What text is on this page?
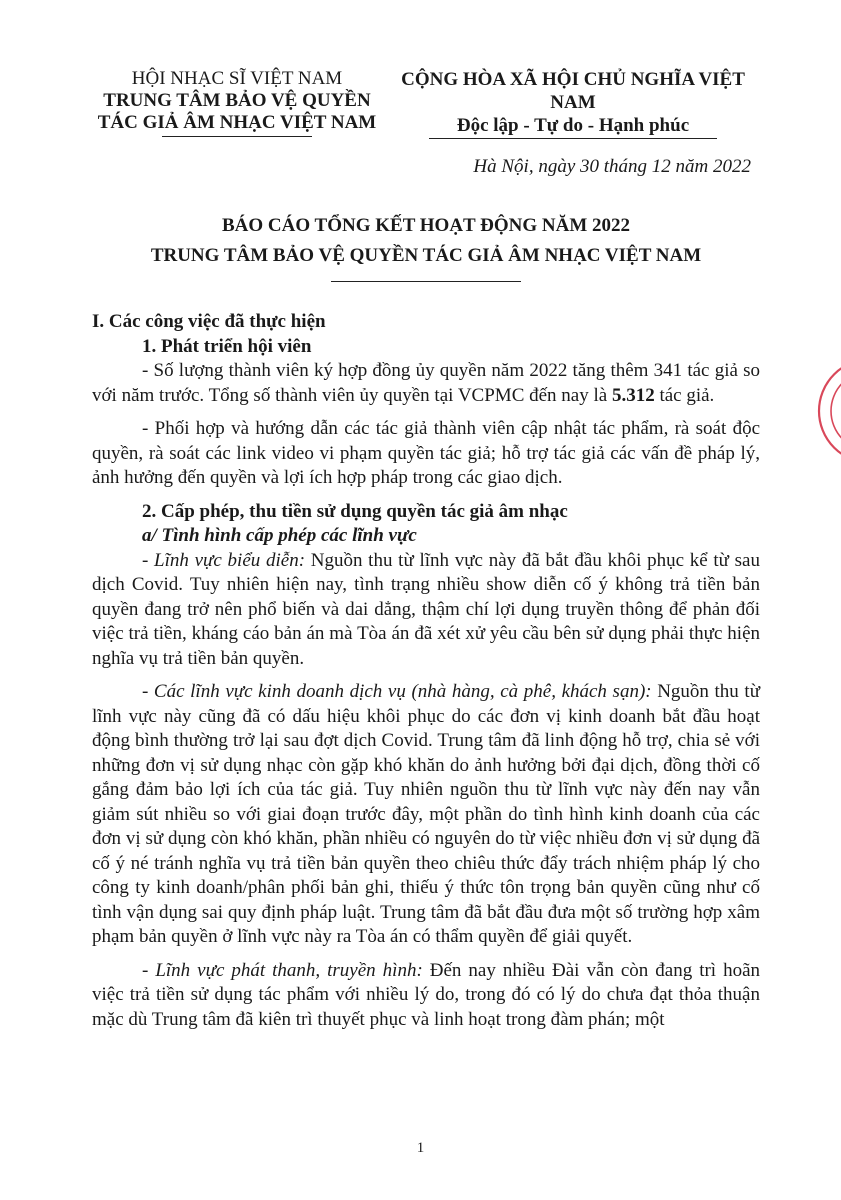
HỘI NHẠC SĨ VIỆT NAM
TRUNG TÂM BẢO VỆ QUYỀN
TÁC GIẢ ÂM NHẠC VIỆT NAM
CỘNG HÒA XÃ HỘI CHỦ NGHĨA VIỆT NAM
Độc lập - Tự do - Hạnh phúc
Hà Nội, ngày 30 tháng 12 năm 2022
BÁO CÁO TỔNG KẾT HOẠT ĐỘNG NĂM 2022
TRUNG TÂM BẢO VỆ QUYỀN TÁC GIẢ ÂM NHẠC VIỆT NAM

I. Các công việc đã thực hiện

1. Phát triển hội viên

- Số lượng thành viên ký hợp đồng ủy quyền năm 2022 tăng thêm 341 tác giả so với năm trước. Tổng số thành viên ủy quyền tại VCPMC đến nay là 5.312 tác giả.

- Phối hợp và hướng dẫn các tác giả thành viên cập nhật tác phẩm, rà soát độc quyền, rà soát các link video vi phạm quyền tác giả; hỗ trợ tác giả các vấn đề pháp lý, ảnh hưởng đến quyền và lợi ích hợp pháp trong các giao dịch.

2. Cấp phép, thu tiền sử dụng quyền tác giả âm nhạc

a/ Tình hình cấp phép các lĩnh vực

- Lĩnh vực biểu diễn: Nguồn thu từ lĩnh vực này đã bắt đầu khôi phục kể từ sau dịch Covid. Tuy nhiên hiện nay, tình trạng nhiều show diễn cố ý không trả tiền bản quyền đang trở nên phổ biến và dai dẳng, thậm chí lợi dụng truyền thông để phản đối việc trả tiền, kháng cáo bản án mà Tòa án đã xét xử yêu cầu bên sử dụng phải thực hiện nghĩa vụ trả tiền bản quyền.

- Các lĩnh vực kinh doanh dịch vụ (nhà hàng, cà phê, khách sạn): Nguồn thu từ lĩnh vực này cũng đã có dấu hiệu khôi phục do các đơn vị kinh doanh bắt đầu hoạt động bình thường trở lại sau đợt dịch Covid. Trung tâm đã linh động hỗ trợ, chia sẻ với những đơn vị sử dụng nhạc còn gặp khó khăn do ảnh hưởng bởi đại dịch, đồng thời cố gắng đảm bảo lợi ích của tác giả. Tuy nhiên nguồn thu từ lĩnh vực này đến nay vẫn giảm sút nhiều so với giai đoạn trước đây, một phần do tình hình kinh doanh của các đơn vị sử dụng còn khó khăn, phần nhiều có nguyên do từ việc nhiều đơn vị sử dụng đã cố ý né tránh nghĩa vụ trả tiền bản quyền theo chiêu thức đẩy trách nhiệm pháp lý cho công ty kinh doanh/phân phối bản ghi, thiếu ý thức tôn trọng bản quyền cũng như cố tình vận dụng sai quy định pháp luật. Trung tâm đã bắt đầu đưa một số trường hợp xâm phạm bản quyền ở lĩnh vực này ra Tòa án có thẩm quyền để giải quyết.

- Lĩnh vực phát thanh, truyền hình: Đến nay nhiều Đài vẫn còn đang trì hoãn việc trả tiền sử dụng tác phẩm với nhiều lý do, trong đó có lý do chưa đạt thỏa thuận mặc dù Trung tâm đã kiên trì thuyết phục và linh hoạt trong đàm phán; một

1
